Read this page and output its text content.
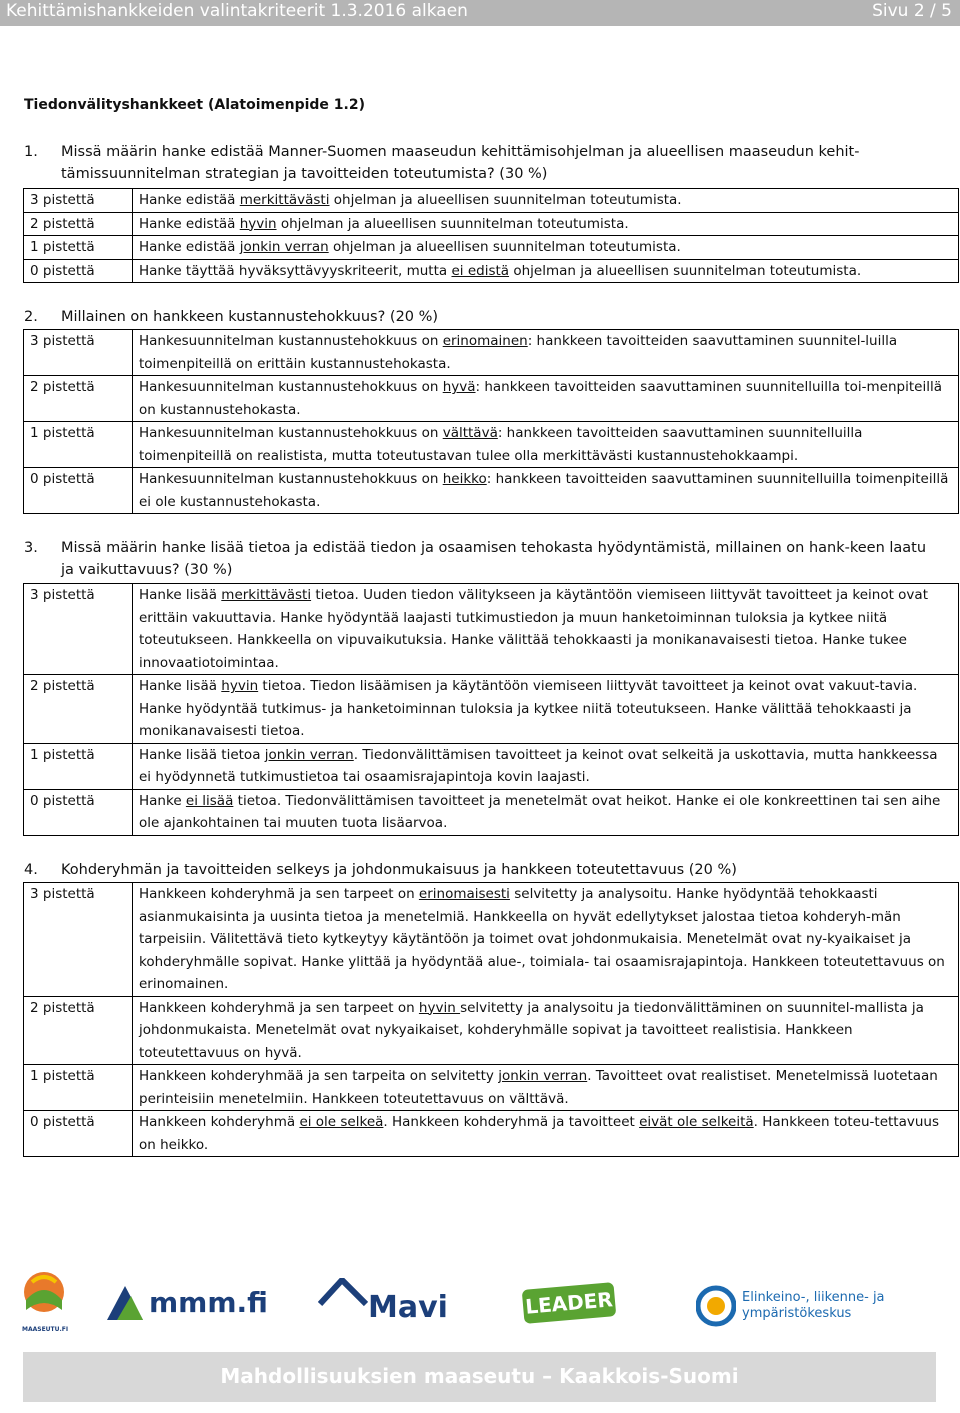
Kehittämishankkeiden valintakriteerit 1.3.2016 alkaen	Sivu 2 / 5
Tiedonvälityshankkeet (Alatoimenpide 1.2)
1. Missä määrin hanke edistää Manner-Suomen maaseudun kehittämisohjelman ja alueellisen maaseudun kehit-tämissuunnitelman strategian ja tavoitteiden toteutumista? (30 %)
3 pistettä	Hanke edistää merkittävästi ohjelman ja alueellisen suunnitelman toteutumista.
2 pistettä	Hanke edistää hyvin ohjelman ja alueellisen suunnitelman toteutumista.
1 pistettä	Hanke edistää jonkin verran ohjelman ja alueellisen suunnitelman toteutumista.
0 pistettä	Hanke täyttää hyväksyttävyyskriteerit, mutta ei edistä ohjelman ja alueellisen suunnitelman toteutumista.
2. Millainen on hankkeen kustannustehokkuus? (20 %)
3 pistettä	Hankesuunnitelman kustannustehokkuus on erinomainen: hankkeen tavoitteiden saavuttaminen suunnitel-luilla toimenpiteillä on erittäin kustannustehokasta.
2 pistettä	Hankesuunnitelman kustannustehokkuus on hyvä: hankkeen tavoitteiden saavuttaminen suunnitelluilla toi-menpiteillä on kustannustehokasta.
1 pistettä	Hankesuunnitelman kustannustehokkuus on välttävä: hankkeen tavoitteiden saavuttaminen suunnitelluilla toimenpiteillä on realistista, mutta toteutustavan tulee olla merkittävästi kustannustehokkaampi.
0 pistettä	Hankesuunnitelman kustannustehokkuus on heikko: hankkeen tavoitteiden saavuttaminen suunnitelluilla toimenpiteillä ei ole kustannustehokasta.
3. Missä määrin hanke lisää tietoa ja edistää tiedon ja osaamisen tehokasta hyödyntämistä, millainen on hank-keen laatu ja vaikuttavuus? (30 %)
3 pistettä	Hanke lisää merkittävästi tietoa. Uuden tiedon välitykseen ja käytäntöön viemiseen liittyvät tavoitteet ja keinot ovat erittäin vakuuttavia. Hanke hyödyntää laajasti tutkimustiedon ja muun hanketoiminnan tuloksia ja kytkee niitä toteutukseen. Hankkeella on vipuvaikutuksia. Hanke välittää tehokkaasti ja monikanavaisesti tietoa. Hanke tukee innovaatiotoimintaa.
2 pistettä	Hanke lisää hyvin tietoa. Tiedon lisäämisen ja käytäntöön viemiseen liittyvät tavoitteet ja keinot ovat vakuut-tavia. Hanke hyödyntää tutkimus- ja hanketoiminnan tuloksia ja kytkee niitä toteutukseen. Hanke välittää tehokkaasti ja monikanavaisesti tietoa.
1 pistettä	Hanke lisää tietoa jonkin verran. Tiedonvälittämisen tavoitteet ja keinot ovat selkeitä ja uskottavia, mutta hankkeessa ei hyödynnetä tutkimustietoa tai osaamisrajapintoja kovin laajasti.
0 pistettä	Hanke ei lisää tietoa. Tiedonvälittämisen tavoitteet ja menetelmät ovat heikot. Hanke ei ole konkreettinen tai sen aihe ole ajankohtainen tai muuten tuota lisäarvoa.
4. Kohderyhmän ja tavoitteiden selkeys ja johdonmukaisuus ja hankkeen toteutettavuus (20 %)
3 pistettä	Hankkeen kohderyhmä ja sen tarpeet on erinomaisesti selvitetty ja analysoitu. Hanke hyödyntää tehokkaasti asianmukaisinta ja uusinta tietoa ja menetelmiä. Hankkeella on hyvät edellytykset jalostaa tietoa kohderyh-män tarpeisiin. Välitettävä tieto kytkeytyy käytäntöön ja toimet ovat johdonmukaisia. Menetelmät ovat ny-kyaikaiset ja kohderyhmälle sopivat. Hanke ylittää ja hyödyntää alue-, toimiala- tai osaamisrajapintoja. Hankkeen toteutettavuus on erinomainen.
2 pistettä	Hankkeen kohderyhmä ja sen tarpeet on hyvin selvitetty ja analysoitu ja tiedonvälittäminen on suunnitel-mallista ja johdonmukaista. Menetelmät ovat nykyaikaiset, kohderyhmälle sopivat ja tavoitteet realistisia. Hankkeen toteutettavuus on hyvä.
1 pistettä	Hankkeen kohderyhmää ja sen tarpeita on selvitetty jonkin verran. Tavoitteet ovat realistiset. Menetelmissä luotetaan perinteisiin menetelmiin. Hankkeen toteutettavuus on välttävä.
0 pistettä	Hankkeen kohderyhmä ei ole selkeä. Hankkeen kohderyhmä ja tavoitteet eivät ole selkeitä. Hankkeen toteu-tettavuus on heikko.
MAASEUTU.FI
mmm.fi	Mavi	LEADER	Elinkeino-, liikenne- ja
ympäristökeskus
Mahdollisuuksien maaseutu – Kaakkois-Suomi
